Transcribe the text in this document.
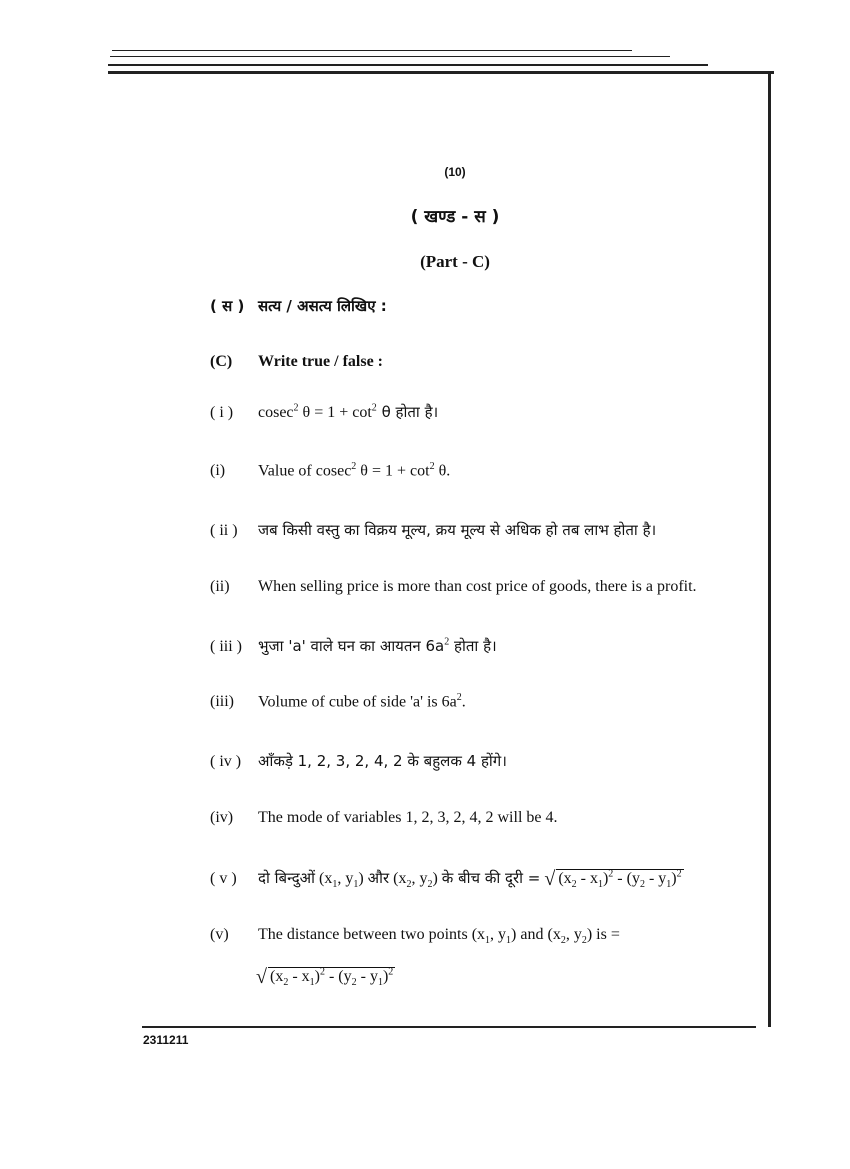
(10)
( खण्ड - स )
(Part - C)
( स ) सत्य / असत्य लिखिए :
(C) Write true / false :
( i ) cosec$^2$ $\theta = 1 + \cot^2 \theta$ होता है।
(i) Value of cosec$^2$ $\theta = 1 + \cot^2 \theta$.
( ii ) जब किसी वस्तु का विक्रय मूल्य, क्रय मूल्य से अधिक हो तब लाभ होता है।
(ii) When selling price is more than cost price of goods, there is a profit.
( iii ) भुजा 'a' वाले घन का आयतन $6a^2$ होता है।
(iii) Volume of cube of side 'a' is $6a^2$.
( iv ) आँकड़े 1, 2, 3, 2, 4, 2 के बहुलक 4 होंगे।
(iv) The mode of variables 1, 2, 3, 2, 4, 2 will be 4.
( v ) दो बिन्दुओं ($x_1$, $y_1$) और ($x_2$, $y_2$) के बीच की दूरी = √ $(x_2 - x_1)^2 - (y_2 - y_1)^2$
(v) The distance between two points ($x_1$, $y_1$) and ($x_2$, $y_2$) is =
√ $(x_2 - x_1)^2 - (y_2 - y_1)^2$
2311211
